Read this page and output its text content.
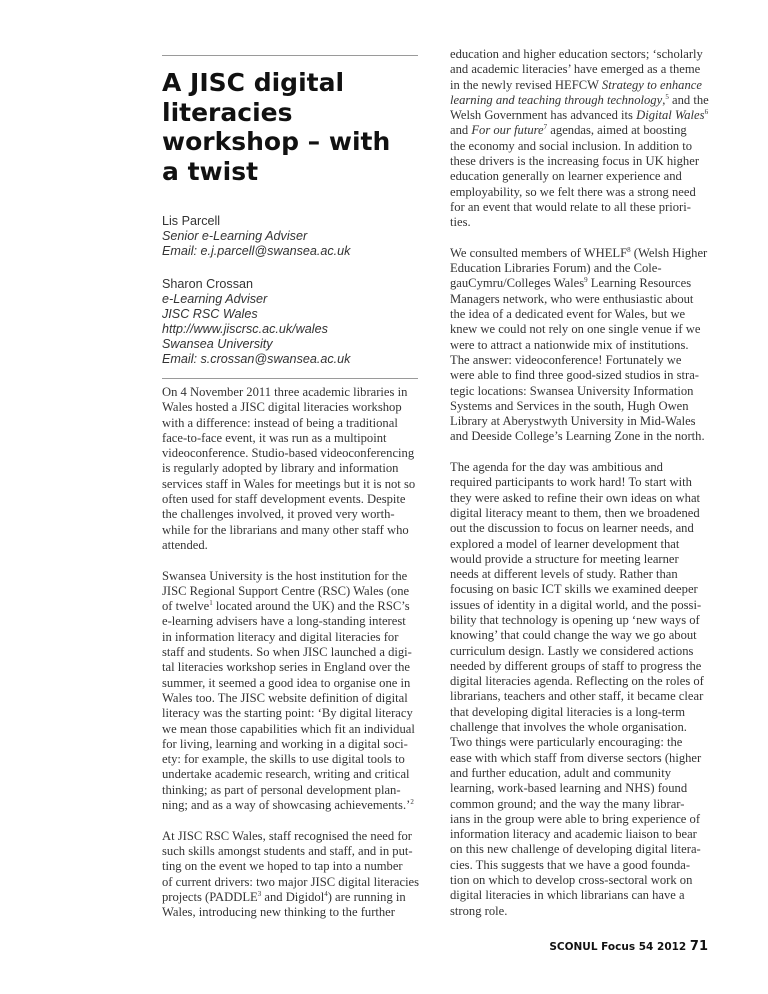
A JISC digital
literacies
workshop – with
a twist
Lis Parcell
Senior e-Learning Adviser
Email: e.j.parcell@swansea.ac.uk
Sharon Crossan
e-Learning Adviser
JISC RSC Wales
http://www.jiscrsc.ac.uk/wales
Swansea University
Email: s.crossan@swansea.ac.uk
On 4 November 2011 three academic libraries in
Wales hosted a JISC digital literacies workshop
with a difference: instead of being a traditional
face-to-face event, it was run as a multipoint
videoconference. Studio-based videoconferencing
is regularly adopted by library and information
services staff in Wales for meetings but it is not so
often used for staff development events. Despite
the challenges involved, it proved very worth-
while for the librarians and many other staff who
attended.
Swansea University is the host institution for the
JISC Regional Support Centre (RSC) Wales (one
of twelve$^1$ located around the UK) and the RSC’s
e-learning advisers have a long-standing interest
in information literacy and digital literacies for
staff and students. So when JISC launched a digi-
tal literacies workshop series in England over the
summer, it seemed a good idea to organise one in
Wales too. The JISC website definition of digital
literacy was the starting point: ‘By digital literacy
we mean those capabilities which fit an individual
for living, learning and working in a digital soci-
ety: for example, the skills to use digital tools to
undertake academic research, writing and critical
thinking; as part of personal development plan-
ning; and as a way of showcasing achievements.’$^2$
At JISC RSC Wales, staff recognised the need for
such skills amongst students and staff, and in put-
ting on the event we hoped to tap into a number
of current drivers: two major JISC digital literacies
projects (PADDLE$^3$ and Digidol$^4$) are running in
Wales, introducing new thinking to the further
education and higher education sectors; ‘scholarly
and academic literacies’ have emerged as a theme
in the newly revised HEFCW Strategy to enhance
learning and teaching through technology,$^5$ and the
Welsh Government has advanced its Digital Wales$^6$
and For our future$^7$ agendas, aimed at boosting
the economy and social inclusion. In addition to
these drivers is the increasing focus in UK higher
education generally on learner experience and
employability, so we felt there was a strong need
for an event that would relate to all these priori-
ties.
We consulted members of WHELF$^8$ (Welsh Higher
Education Libraries Forum) and the Cole-
gauCymru/Colleges Wales$^9$ Learning Resources
Managers network, who were enthusiastic about
the idea of a dedicated event for Wales, but we
knew we could not rely on one single venue if we
were to attract a nationwide mix of institutions.
The answer: videoconference! Fortunately we
were able to find three good-sized studios in stra-
tegic locations: Swansea University Information
Systems and Services in the south, Hugh Owen
Library at Aberystwyth University in Mid-Wales
and Deeside College’s Learning Zone in the north.
The agenda for the day was ambitious and
required participants to work hard! To start with
they were asked to refine their own ideas on what
digital literacy meant to them, then we broadened
out the discussion to focus on learner needs, and
explored a model of learner development that
would provide a structure for meeting learner
needs at different levels of study. Rather than
focusing on basic ICT skills we examined deeper
issues of identity in a digital world, and the possi-
bility that technology is opening up ‘new ways of
knowing’ that could change the way we go about
curriculum design. Lastly we considered actions
needed by different groups of staff to progress the
digital literacies agenda. Reflecting on the roles of
librarians, teachers and other staff, it became clear
that developing digital literacies is a long-term
challenge that involves the whole organisation.
Two things were particularly encouraging: the
ease with which staff from diverse sectors (higher
and further education, adult and community
learning, work-based learning and NHS) found
common ground; and the way the many librar-
ians in the group were able to bring experience of
information literacy and academic liaison to bear
on this new challenge of developing digital litera-
cies. This suggests that we have a good founda-
tion on which to develop cross-sectoral work on
digital literacies in which librarians can have a
strong role.
SCONUL Focus 54 2012 71
